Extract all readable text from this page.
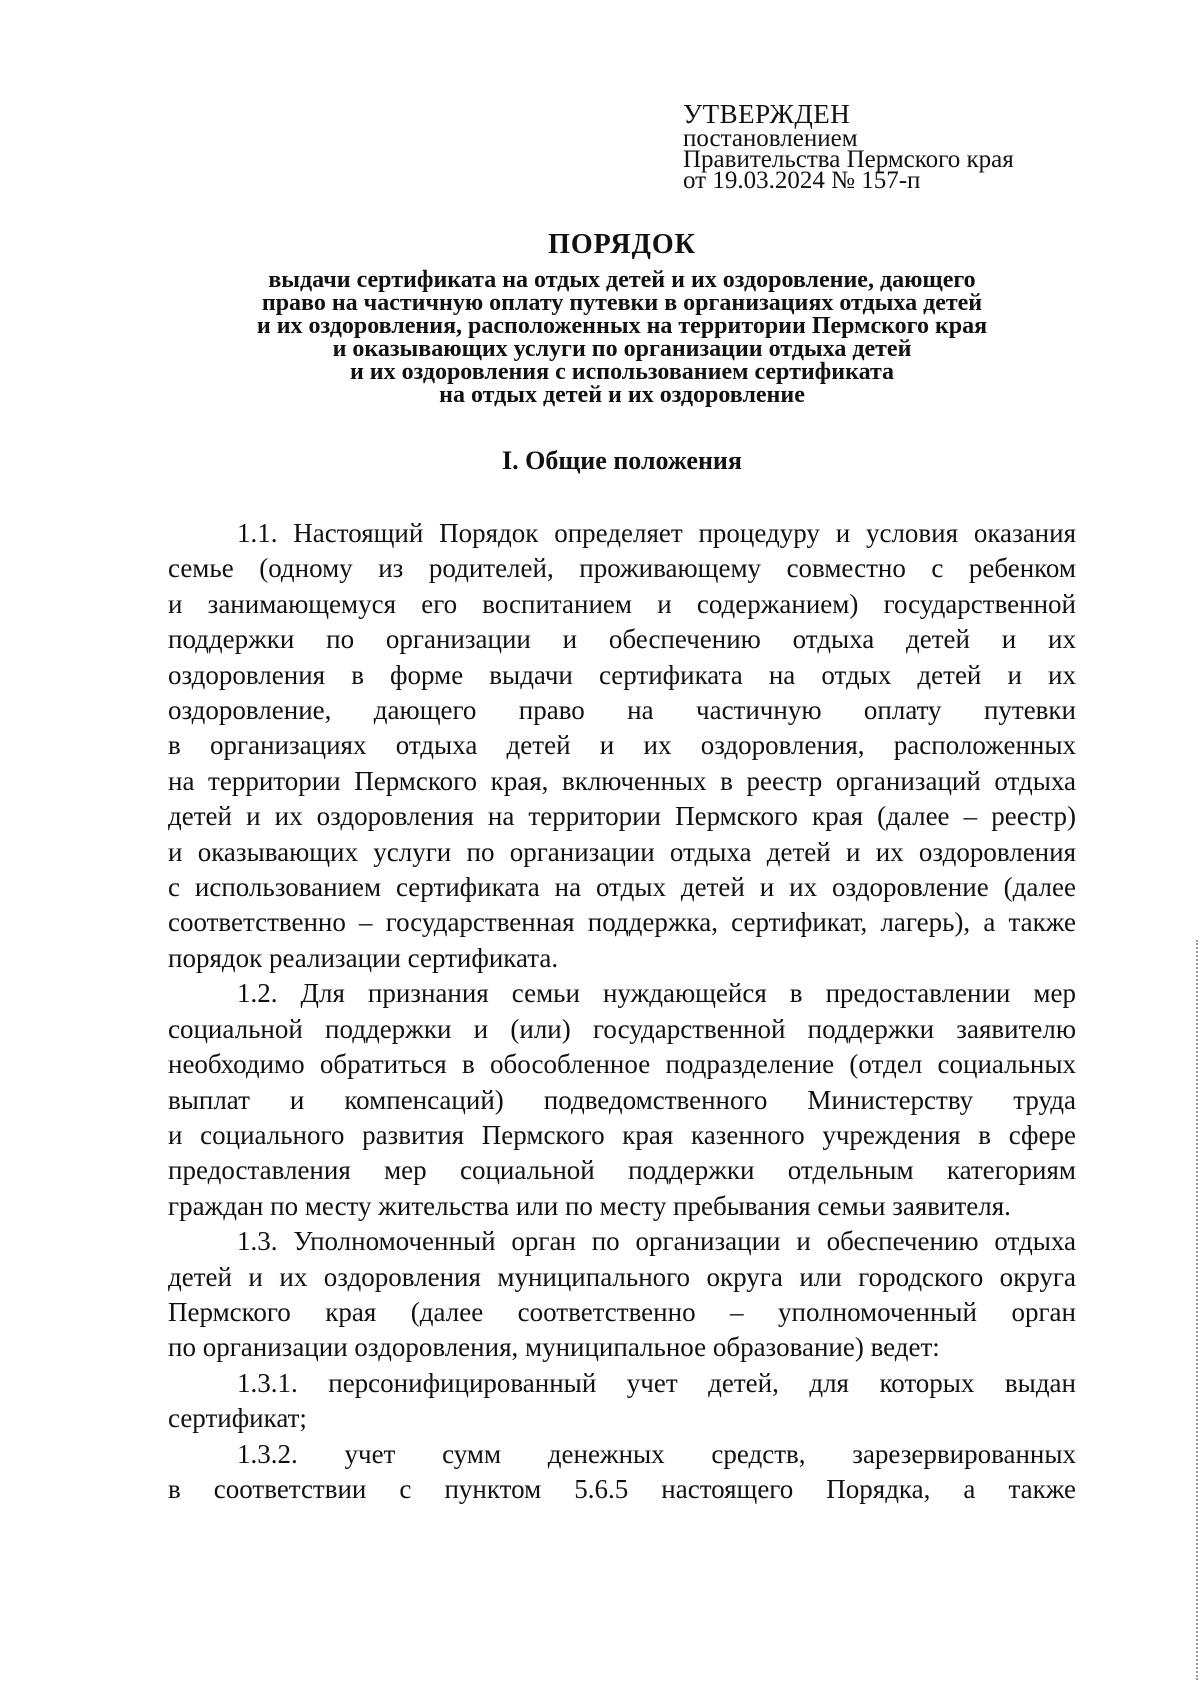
УТВЕРЖДЕН
постановлением
Правительства Пермского края
от 19.03.2024 № 157-п
ПОРЯДОК
выдачи сертификата на отдых детей и их оздоровление, дающего
право на частичную оплату путевки в организациях отдыха детей
и их оздоровления, расположенных на территории Пермского края
и оказывающих услуги по организации отдыха детей
и их оздоровления с использованием сертификата
на отдых детей и их оздоровление
I. Общие положения
1.1. Настоящий Порядок определяет процедуру и условия оказания
семье (одному из родителей, проживающему совместно с ребенком
и занимающемуся его воспитанием и содержанием) государственной
поддержки по организации и обеспечению отдыха детей и их
оздоровления в форме выдачи сертификата на отдых детей и их
оздоровление, дающего право на частичную оплату путевки
в организациях отдыха детей и их оздоровления, расположенных
на территории Пермского края, включенных в реестр организаций отдыха
детей и их оздоровления на территории Пермского края (далее – реестр)
и оказывающих услуги по организации отдыха детей и их оздоровления
с использованием сертификата на отдых детей и их оздоровление (далее
соответственно – государственная поддержка, сертификат, лагерь), а также
порядок реализации сертификата.
1.2. Для признания семьи нуждающейся в предоставлении мер
социальной поддержки и (или) государственной поддержки заявителю
необходимо обратиться в обособленное подразделение (отдел социальных
выплат и компенсаций) подведомственного Министерству труда
и социального развития Пермского края казенного учреждения в сфере
предоставления мер социальной поддержки отдельным категориям
граждан по месту жительства или по месту пребывания семьи заявителя.
1.3. Уполномоченный орган по организации и обеспечению отдыха
детей и их оздоровления муниципального округа или городского округа
Пермского края (далее соответственно – уполномоченный орган
по организации оздоровления, муниципальное образование) ведет:
1.3.1. персонифицированный учет детей, для которых выдан
сертификат;
1.3.2. учет сумм денежных средств, зарезервированных
в соответствии с пунктом 5.6.5 настоящего Порядка, а также
